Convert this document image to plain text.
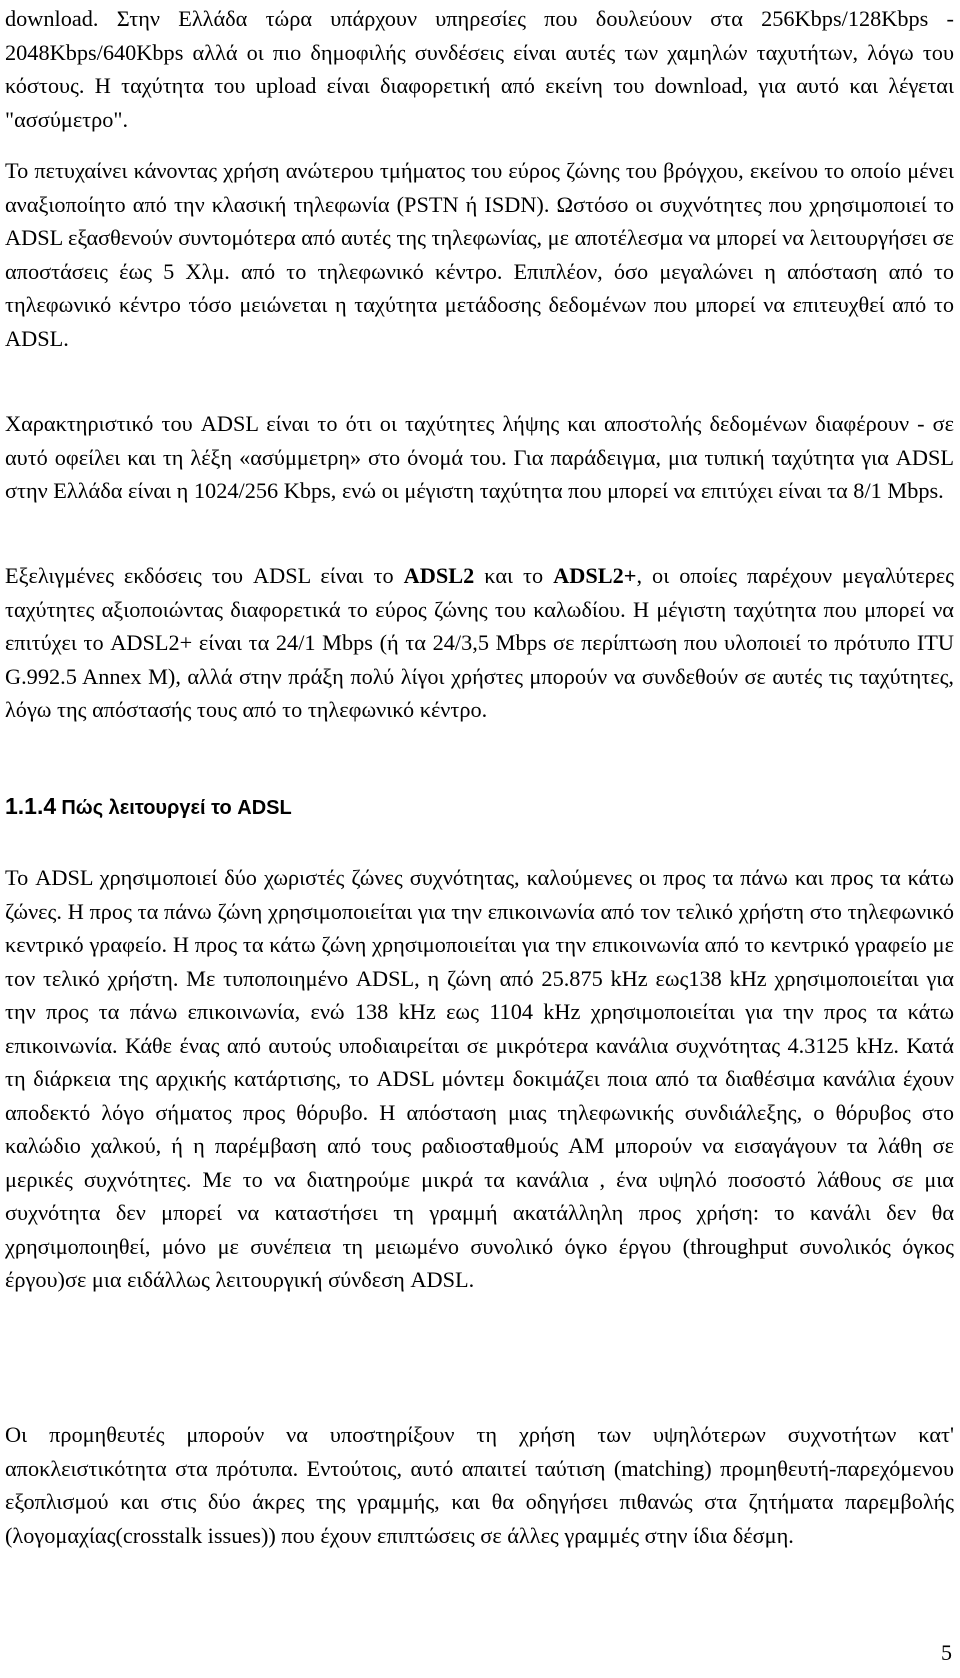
download. Στην Ελλάδα τώρα υπάρχουν υπηρεσίες που δουλεύουν στα 256Kbps/128Kbps - 2048Kbps/640Kbps αλλά οι πιο δημοφιλής συνδέσεις είναι αυτές των χαμηλών ταχυτήτων, λόγω του κόστους. Η ταχύτητα του upload είναι διαφορετική από εκείνη του download, για αυτό και λέγεται "ασσύμετρο".

Το πετυχαίνει κάνοντας χρήση ανώτερου τμήματος του εύρος ζώνης του βρόγχου, εκείνου το οποίο μένει αναξιοποίητο από την κλασική τηλεφωνία (PSTN ή ISDN). Ωστόσο οι συχνότητες που χρησιμοποιεί το ADSL εξασθενούν συντομότερα από αυτές της τηλεφωνίας, με αποτέλεσμα να μπορεί να λειτουργήσει σε αποστάσεις έως 5 Χλμ. από το τηλεφωνικό κέντρο. Επιπλέον, όσο μεγαλώνει η απόσταση από το τηλεφωνικό κέντρο τόσο μειώνεται η ταχύτητα μετάδοσης δεδομένων που μπορεί να επιτευχθεί από το ADSL.

Χαρακτηριστικό του ADSL είναι το ότι οι ταχύτητες λήψης και αποστολής δεδομένων διαφέρουν - σε αυτό οφείλει και τη λέξη «ασύμμετρη» στο όνομά του. Για παράδειγμα, μια τυπική ταχύτητα για ADSL στην Ελλάδα είναι η 1024/256 Kbps, ενώ οι μέγιστη ταχύτητα που μπορεί να επιτύχει είναι τα 8/1 Mbps.

Εξελιγμένες εκδόσεις του ADSL είναι το ADSL2 και το ADSL2+, οι οποίες παρέχουν μεγαλύτερες ταχύτητες αξιοποιώντας διαφορετικά το εύρος ζώνης του καλωδίου. Η μέγιστη ταχύτητα που μπορεί να επιτύχει το ADSL2+ είναι τα 24/1 Mbps (ή τα 24/3,5 Mbps σε περίπτωση που υλοποιεί το πρότυπο ITU G.992.5 Annex M), αλλά στην πράξη πολύ λίγοι χρήστες μπορούν να συνδεθούν σε αυτές τις ταχύτητες, λόγω της απόστασής τους από το τηλεφωνικό κέντρο.

1.1.4 Πώς λειτουργεί το ADSL

Το ADSL χρησιμοποιεί δύο χωριστές ζώνες συχνότητας, καλούμενες οι προς τα πάνω και προς τα κάτω ζώνες. Η προς τα πάνω ζώνη χρησιμοποιείται για την επικοινωνία από τον τελικό χρήστη στο τηλεφωνικό κεντρικό γραφείο. Η προς τα κάτω ζώνη χρησιμοποιείται για την επικοινωνία από το κεντρικό γραφείο με τον τελικό χρήστη. Με τυποποιημένο ADSL, η ζώνη από 25.875 kHz εως138 kHz χρησιμοποιείται για την προς τα πάνω επικοινωνία, ενώ 138 kHz εως 1104 kHz χρησιμοποιείται για την προς τα κάτω επικοινωνία. Κάθε ένας από αυτούς υποδιαιρείται σε μικρότερα κανάλια συχνότητας 4.3125 kHz. Κατά τη διάρκεια της αρχικής κατάρτισης, το ADSL μόντεμ δοκιμάζει ποια από τα διαθέσιμα κανάλια έχουν αποδεκτό λόγο σήματος προς θόρυβο. Η απόσταση μιας τηλεφωνικής συνδιάλεξης, ο θόρυβος στο καλώδιο χαλκού, ή η παρέμβαση από τους ραδιοσταθμούς AM μπορούν να εισαγάγουν τα λάθη σε μερικές συχνότητες. Με το να διατηρούμε μικρά τα κανάλια , ένα υψηλό ποσοστό λάθους σε μια συχνότητα δεν μπορεί να καταστήσει τη γραμμή ακατάλληλη προς χρήση: το κανάλι δεν θα χρησιμοποιηθεί, μόνο με συνέπεια τη μειωμένο συνολικό όγκο έργου (throughput συνολικός όγκος έργου)σε μια ειδάλλως λειτουργική σύνδεση ADSL.

Οι προμηθευτές μπορούν να υποστηρίξουν τη χρήση των υψηλότερων συχνοτήτων κατ' αποκλειστικότητα στα πρότυπα. Εντούτοις, αυτό απαιτεί ταύτιση (matching) προμηθευτή-παρεχόμενου εξοπλισμού και στις δύο άκρες της γραμμής, και θα οδηγήσει πιθανώς στα ζητήματα παρεμβολής (λογομαχίας(crosstalk issues)) που έχουν επιπτώσεις σε άλλες γραμμές στην ίδια δέσμη.

5
